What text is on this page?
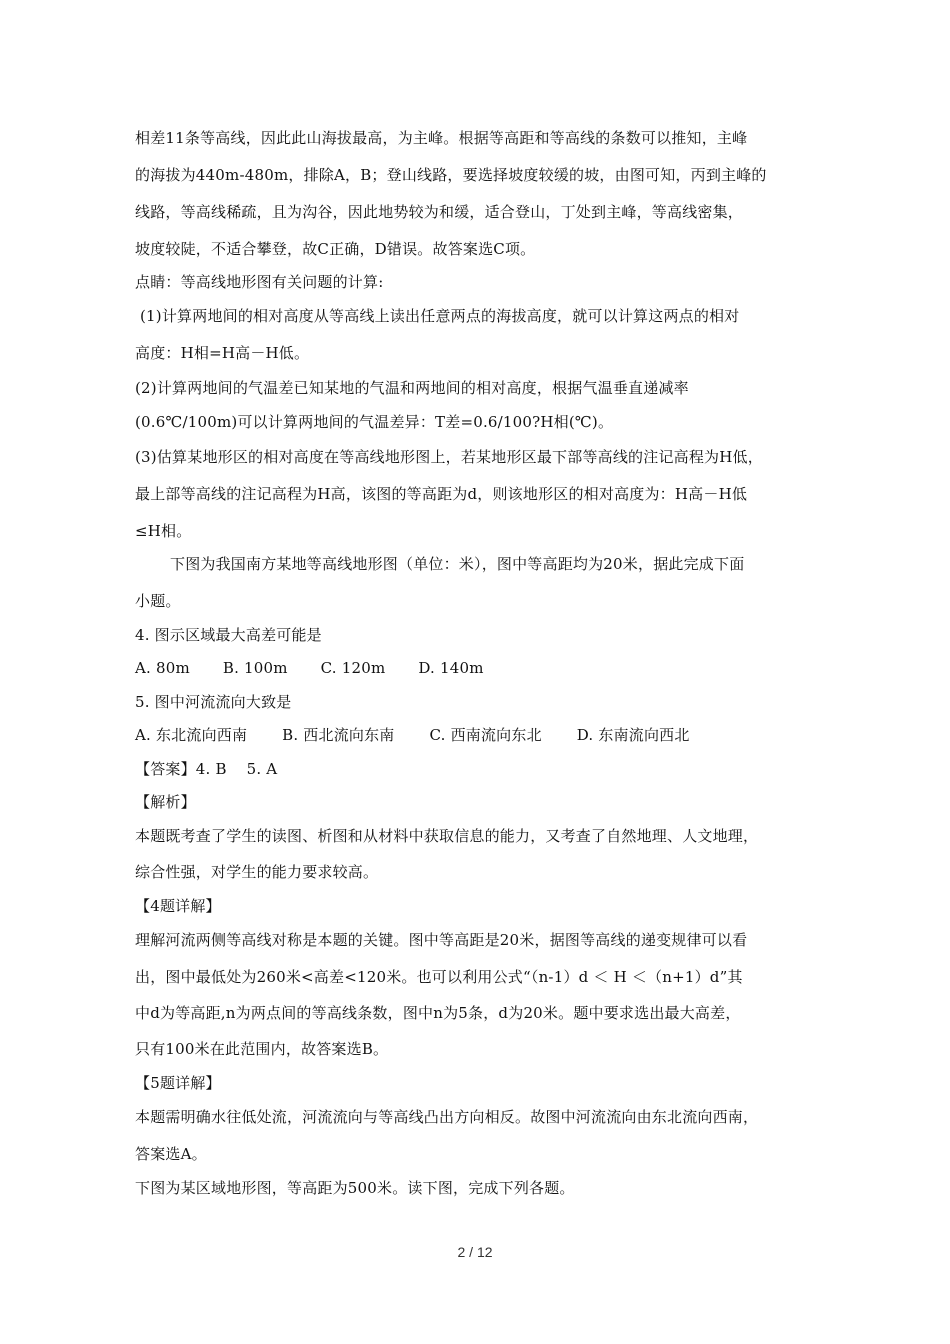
相差11条等高线，因此此山海拔最高，为主峰。根据等高距和等高线的条数可以推知，主峰
的海拔为440m-480m，排除A，B；登山线路，要选择坡度较缓的坡，由图可知，丙到主峰的
线路，等高线稀疏，且为沟谷，因此地势较为和缓，适合登山，丁处到主峰，等高线密集，
坡度较陡，不适合攀登，故C正确，D错误。故答案选C项。
点睛：等高线地形图有关问题的计算:
(1)计算两地间的相对高度从等高线上读出任意两点的海拔高度，就可以计算这两点的相对
高度：H相=H高－H低。
(2)计算两地间的气温差已知某地的气温和两地间的相对高度，根据气温垂直递减率
(0.6℃/100m)可以计算两地间的气温差异：T差=0.6/100?H相(℃)。
(3)估算某地形区的相对高度在等高线地形图上，若某地形区最下部等高线的注记高程为H低，
最上部等高线的注记高程为H高，该图的等高距为d，则该地形区的相对高度为：H高－H低
≤H相。
下图为我国南方某地等高线地形图（单位：米），图中等高距均为20米，据此完成下面
小题。
4. 图示区域最大高差可能是
A. 80m B. 100m C. 120m D. 140m
5. 图中河流流向大致是
A. 东北流向西南 B. 西北流向东南 C. 西南流向东北 D. 东南流向西北
【答案】4. B    5. A
【解析】
本题既考查了学生的读图、析图和从材料中获取信息的能力，又考查了自然地理、人文地理，
综合性强，对学生的能力要求较高。
【4题详解】
理解河流两侧等高线对称是本题的关键。图中等高距是20米，据图等高线的递变规律可以看
出，图中最低处为260米<高差<120米。也可以利用公式“（n-1）d ＜ H ＜（n+1）d”其
中d为等高距,n为两点间的等高线条数，图中n为5条，d为20米。题中要求选出最大高差，
只有100米在此范围内，故答案选B。
【5题详解】
本题需明确水往低处流，河流流向与等高线凸出方向相反。故图中河流流向由东北流向西南，
答案选A。
下图为某区域地形图，等高距为500米。读下图，完成下列各题。
2 / 12
